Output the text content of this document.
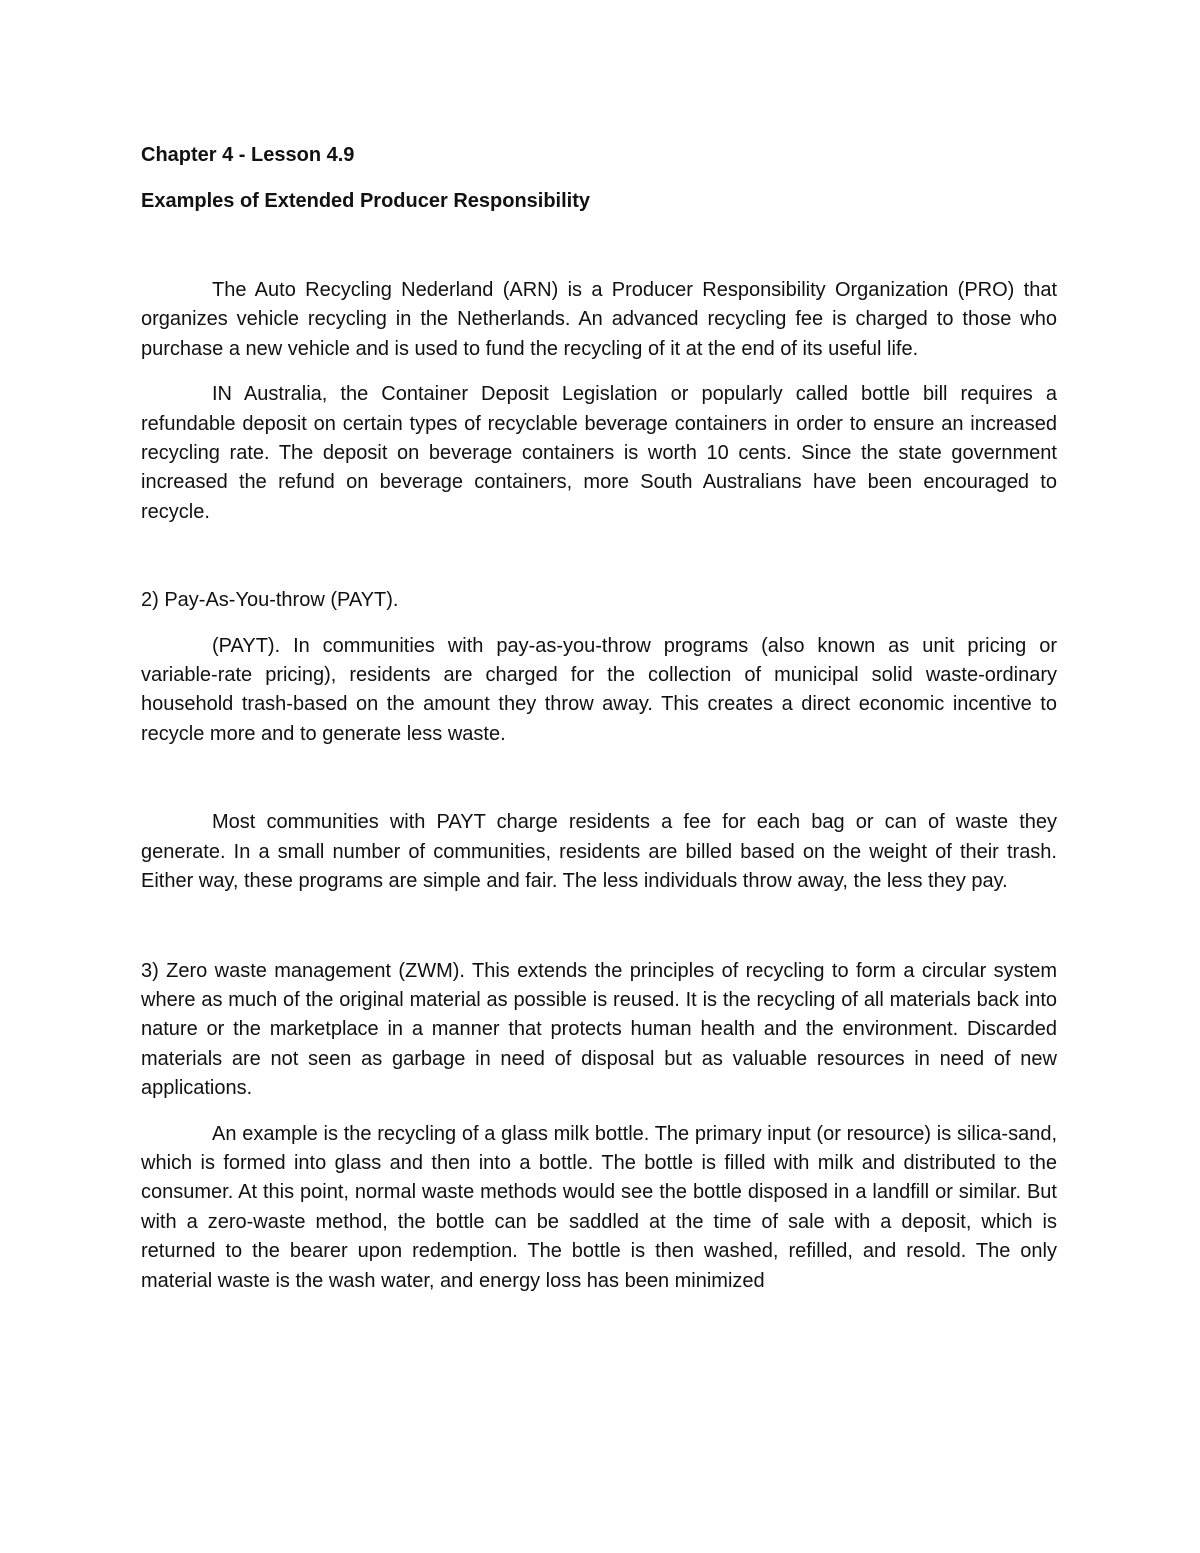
Chapter 4 - Lesson 4.9
Examples of Extended Producer Responsibility

The Auto Recycling Nederland (ARN) is a Producer Responsibility Organization (PRO) that organizes vehicle recycling in the Netherlands. An advanced recycling fee is charged to those who purchase a new vehicle and is used to fund the recycling of it at the end of its useful life.

IN Australia, the Container Deposit Legislation or popularly called bottle bill requires a refundable deposit on certain types of recyclable beverage containers in order to ensure an increased recycling rate. The deposit on beverage containers is worth 10 cents. Since the state government increased the refund on beverage containers, more South Australians have been encouraged to recycle.

2) Pay-As-You-throw (PAYT).

(PAYT). In communities with pay-as-you-throw programs (also known as unit pricing or variable-rate pricing), residents are charged for the collection of municipal solid waste-ordinary household trash-based on the amount they throw away. This creates a direct economic incentive to recycle more and to generate less waste.

Most communities with PAYT charge residents a fee for each bag or can of waste they generate. In a small number of communities, residents are billed based on the weight of their trash. Either way, these programs are simple and fair. The less individuals throw away, the less they pay.

3) Zero waste management (ZWM). This extends the principles of recycling to form a circular system where as much of the original material as possible is reused. It is the recycling of all materials back into nature or the marketplace in a manner that protects human health and the environment. Discarded materials are not seen as garbage in need of disposal but as valuable resources in need of new applications.

An example is the recycling of a glass milk bottle. The primary input (or resource) is silica-sand, which is formed into glass and then into a bottle. The bottle is filled with milk and distributed to the consumer. At this point, normal waste methods would see the bottle disposed in a landfill or similar. But with a zero-waste method, the bottle can be saddled at the time of sale with a deposit, which is returned to the bearer upon redemption. The bottle is then washed, refilled, and resold. The only material waste is the wash water, and energy loss has been minimized
